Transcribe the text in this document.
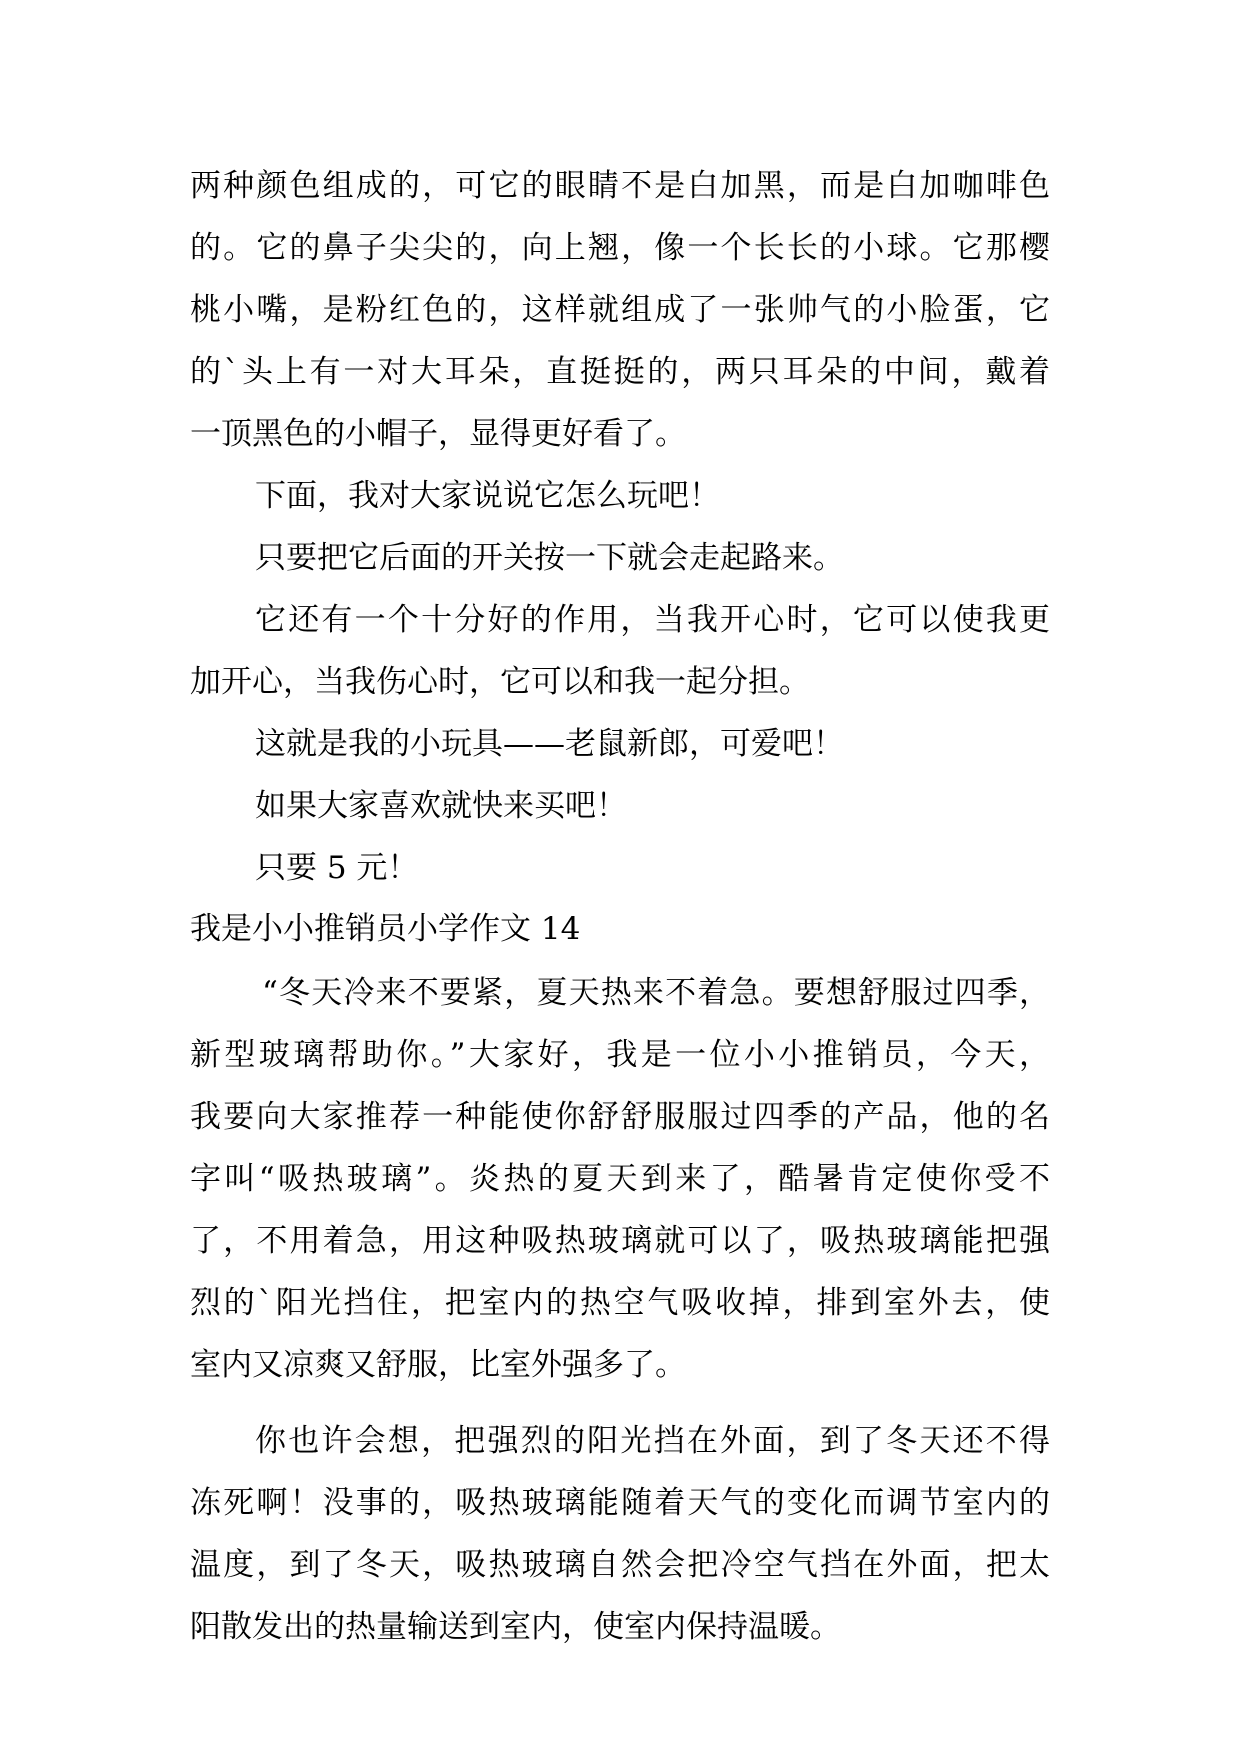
两种颜色组成的，可它的眼睛不是白加黑，而是白加咖啡色
的。它的鼻子尖尖的，向上翘，像一个长长的小球。它那樱
桃小嘴，是粉红色的，这样就组成了一张帅气的小脸蛋，它
的`头上有一对大耳朵，直挺挺的，两只耳朵的中间，戴着
一顶黑色的小帽子，显得更好看了。
下面，我对大家说说它怎么玩吧！
只要把它后面的开关按一下就会走起路来。
它还有一个十分好的作用，当我开心时，它可以使我更
加开心，当我伤心时，它可以和我一起分担。
这就是我的小玩具——老鼠新郎，可爱吧！
如果大家喜欢就快来买吧！
只要 5 元！
我是小小推销员小学作文 14
“冬天冷来不要紧，夏天热来不着急。要想舒服过四季，
新型玻璃帮助你。”大家好，我是一位小小推销员，今天，
我要向大家推荐一种能使你舒舒服服过四季的产品，他的名
字叫“吸热玻璃”。炎热的夏天到来了，酷暑肯定使你受不
了，不用着急，用这种吸热玻璃就可以了，吸热玻璃能把强
烈的`阳光挡住，把室内的热空气吸收掉，排到室外去，使
室内又凉爽又舒服，比室外强多了。
你也许会想，把强烈的阳光挡在外面，到了冬天还不得
冻死啊！没事的，吸热玻璃能随着天气的变化而调节室内的
温度，到了冬天，吸热玻璃自然会把冷空气挡在外面，把太
阳散发出的热量输送到室内，使室内保持温暖。
